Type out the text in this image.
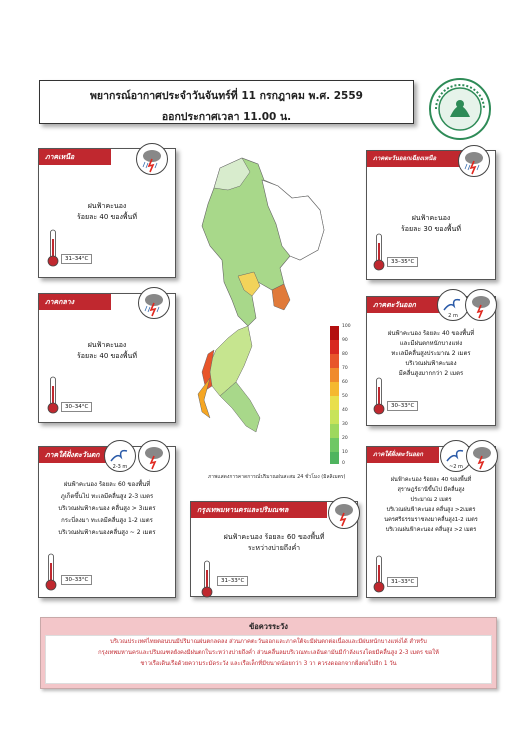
พยากรณ์อากาศประจำวันจันทร์ที่ 11 กรกฎาคม พ.ศ. 2559
ออกประกาศเวลา 11.00 น.
100
90
80
70
60
50
40
30
20
10
0
ภาพแสดงการคาดการณ์ปริมาณฝนสะสม 24 ชั่วโมง (มิลลิเมตร)
ภาคเหนือ
ฝนฟ้าคะนอง
ร้อยละ 40 ของพื้นที่
31–34°C
ภาคตะวันออกเฉียงเหนือ
ฝนฟ้าคะนอง
ร้อยละ 30 ของพื้นที่
33–35°C
ภาคกลาง
ฝนฟ้าคะนอง
ร้อยละ 40 ของพื้นที่
30–34°C
ภาคตะวันออก
ฝนฟ้าคะนอง ร้อยละ 40 ของพื้นที่
และมีฝนตกหนักบางแห่ง
ทะเลมีคลื่นสูงประมาณ 2 เมตร
บริเวณฝนฟ้าคะนอง
มีคลื่นสูงมากกว่า 2 เมตร
30–33°C
2 m
ภาคใต้ฝั่งตะวันตก
ฝนฟ้าคะนอง ร้อยละ 60 ของพื้นที่
ภูเก็ตขึ้นไป ทะเลมีคลื่นสูง 2-3 เมตร
บริเวณฝนฟ้าคะนอง คลื่นสูง > 3เมตร
กระบี่ลงมา ทะเลมีคลื่นสูง 1-2 เมตร
บริเวณฝนฟ้าคะนองคลื่นสูง ~ 2 เมตร
30–33°C
2-3 m
กรุงเทพมหานครและปริมณฑล
ฝนฟ้าคะนอง ร้อยละ 60 ของพื้นที่
ระหว่างบ่ายถึงค่ำ
31–33°C
ภาคใต้ฝั่งตะวันออก
ฝนฟ้าคะนอง ร้อยละ 40 ของพื้นที่
สุราษฎร์ธานีขึ้นไป มีคลื่นสูง
ประมาณ 2 เมตร
บริเวณฝนฟ้าคะนอง คลื่นสูง >2เมตร
นครศรีธรรมราชลงมาคลื่นสูง1-2 เมตร
บริเวณฝนฟ้าคะนอง คลื่นสูง >2 เมตร
31–33°C
~2 m
ข้อควรระวัง
บริเวณประเทศไทยตอนบนมีปริมาณฝนตกลดลง ส่วนภาคตะวันออกและภาคใต้จะมีฝนตกต่อเนื่องและมีฝนหนักบางแห่งได้ สำหรับ
กรุงเทพมหานครและปริมณฑลยังคงมีฝนตกในระหว่างบ่ายถึงค่ำ ส่วนคลื่นลมบริเวณทะเลอันดามันมีกำลังแรงโดยมีคลื่นสูง 2-3 เมตร ขอให้
ชาวเรือเดินเรือด้วยความระมัดระวัง และเรือเล็กที่มีขนาดน้อยกว่า 3 วา ควรงดออกจากฝั่งต่อไปอีก 1 วัน
